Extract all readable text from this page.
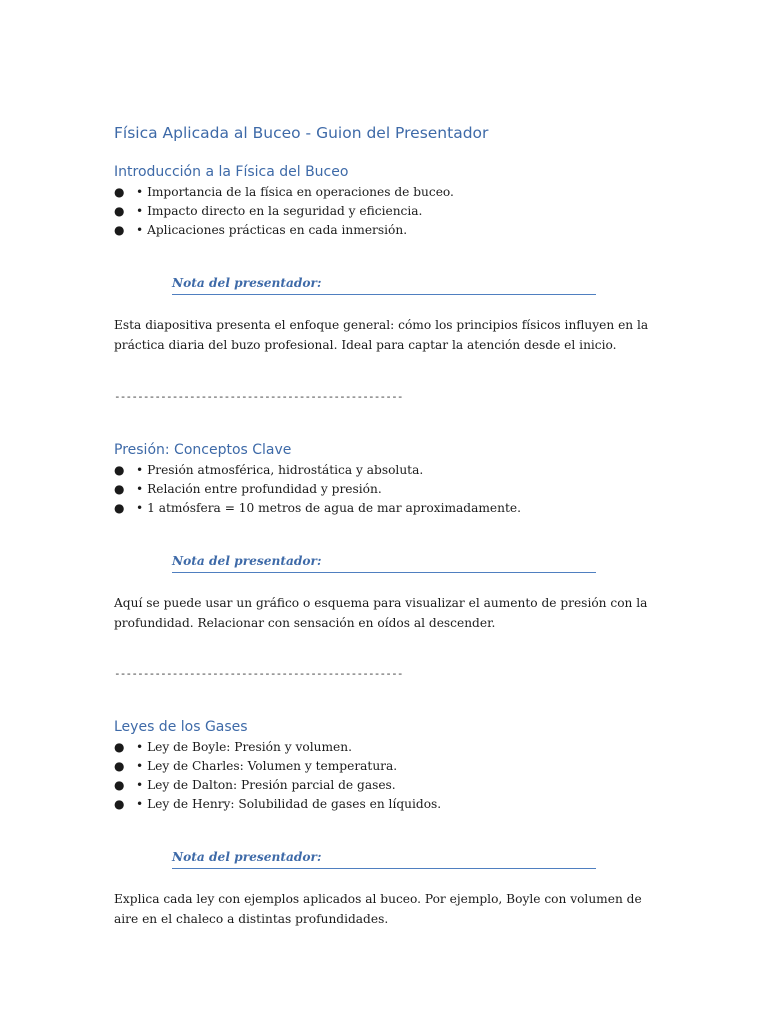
Física Aplicada al Buceo - Guion del Presentador
Introducción a la Física del Buceo
● • Importancia de la física en operaciones de buceo.
● • Impacto directo en la seguridad y eficiencia.
● • Aplicaciones prácticas en cada inmersión.
Nota del presentador:

Esta diapositiva presenta el enfoque general: cómo los principios físicos influyen en la práctica diaria del buzo profesional. Ideal para captar la atención desde el inicio.

--------------------------------------------------
Presión: Conceptos Clave
● • Presión atmosférica, hidrostática y absoluta.
● • Relación entre profundidad y presión.
● • 1 atmósfera = 10 metros de agua de mar aproximadamente.
Nota del presentador:

Aquí se puede usar un gráfico o esquema para visualizar el aumento de presión con la profundidad. Relacionar con sensación en oídos al descender.

--------------------------------------------------
Leyes de los Gases
● • Ley de Boyle: Presión y volumen.
● • Ley de Charles: Volumen y temperatura.
● • Ley de Dalton: Presión parcial de gases.
● • Ley de Henry: Solubilidad de gases en líquidos.
Nota del presentador:

Explica cada ley con ejemplos aplicados al buceo. Por ejemplo, Boyle con volumen de aire en el chaleco a distintas profundidades.
